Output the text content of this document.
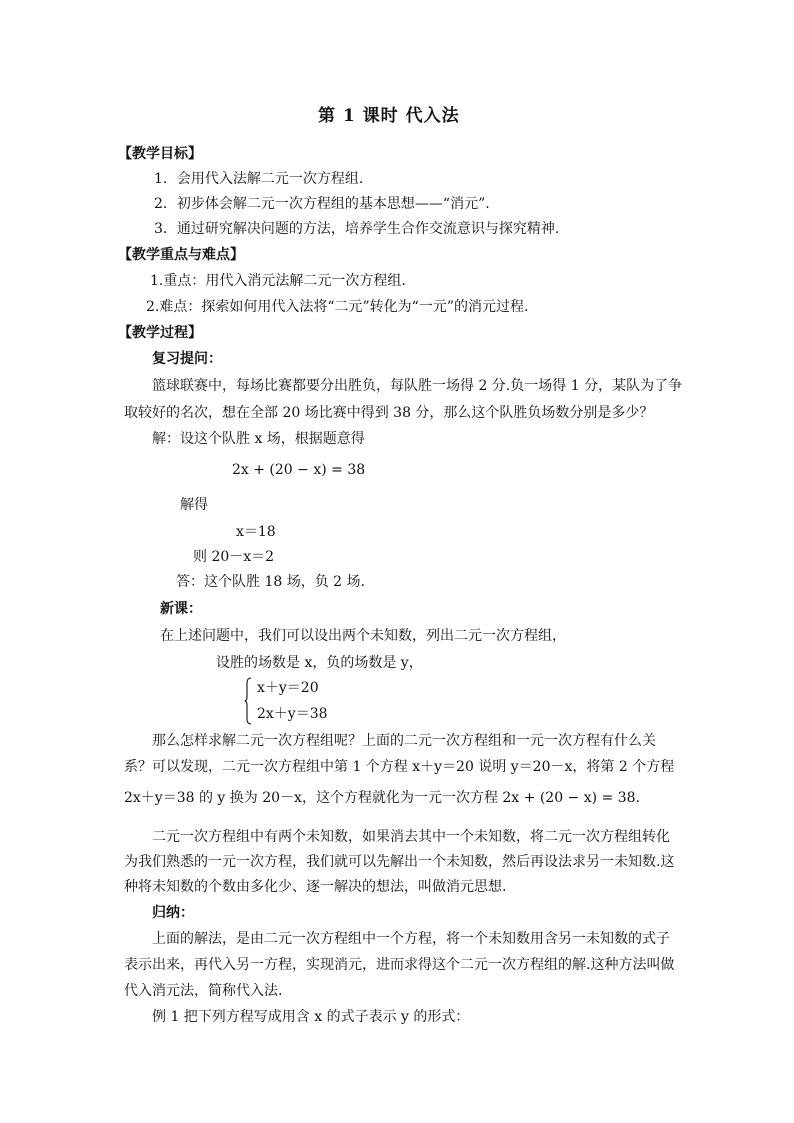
第 1 课时 代入法
【教学目标】
1．会用代入法解二元一次方程组.
2．初步体会解二元一次方程组的基本思想——“消元”.
3．通过研究解决问题的方法，培养学生合作交流意识与探究精神.
【教学重点与难点】
1.重点：用代入消元法解二元一次方程组.
2.难点：探索如何用代入法将“二元”转化为“一元”的消元过程.
【教学过程】
复习提问：
篮球联赛中，每场比赛都要分出胜负，每队胜一场得 2 分.负一场得 1 分，某队为了争
取较好的名次，想在全部 20 场比赛中得到 38 分，那么这个队胜负场数分别是多少？
解：设这个队胜 x 场，根据题意得
2x + (20 − x) = 38
解得
x＝18
则 20－x＝2
答：这个队胜 18 场，负 2 场.
新课：
在上述问题中，我们可以设出两个未知数，列出二元一次方程组，
设胜的场数是 x，负的场数是 y，
x＋y＝20
2x＋y＝38
那么怎样求解二元一次方程组呢？上面的二元一次方程组和一元一次方程有什么关
系？可以发现，二元一次方程组中第 1 个方程 x＋y＝20 说明 y＝20－x，将第 2 个方程
2x＋y＝38 的 y 换为 20－x，这个方程就化为一元一次方程 2x + (20 − x) = 38.
二元一次方程组中有两个未知数，如果消去其中一个未知数，将二元一次方程组转化
为我们熟悉的一元一次方程，我们就可以先解出一个未知数，然后再设法求另一未知数.这
种将未知数的个数由多化少、逐一解决的想法，叫做消元思想.
归纳：
上面的解法，是由二元一次方程组中一个方程，将一个未知数用含另一未知数的式子
表示出来，再代入另一方程，实现消元，进而求得这个二元一次方程组的解.这种方法叫做
代入消元法，简称代入法.
例 1 把下列方程写成用含 x 的式子表示 y 的形式：
